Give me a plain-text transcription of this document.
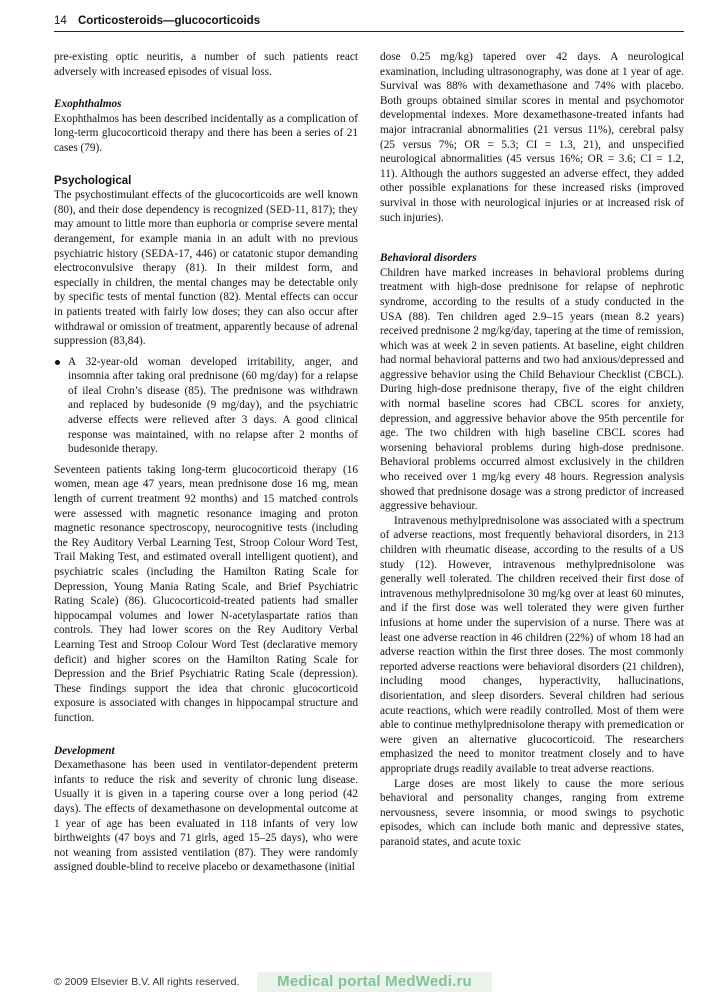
14 Corticosteroids—glucocorticoids

pre-existing optic neuritis, a number of such patients react adversely with increased episodes of visual loss.

Exophthalmos

Exophthalmos has been described incidentally as a complication of long-term glucocorticoid therapy and there has been a series of 21 cases (79).

Psychological

The psychostimulant effects of the glucocorticoids are well known (80), and their dose dependency is recognized (SED-11, 817); they may amount to little more than euphoria or comprise severe mental derangement, for example mania in an adult with no previous psychiatric history (SEDA-17, 446) or catatonic stupor demanding electroconvulsive therapy (81). In their mildest form, and especially in children, the mental changes may be detectable only by specific tests of mental function (82). Mental effects can occur in patients treated with fairly low doses; they can also occur after withdrawal or omission of treatment, apparently because of adrenal suppression (83,84).

A 32-year-old woman developed irritability, anger, and insomnia after taking oral prednisone (60 mg/day) for a relapse of ileal Crohn’s disease (85). The prednisone was withdrawn and replaced by budesonide (9 mg/day), and the psychiatric adverse effects were relieved after 3 days. A good clinical response was maintained, with no relapse after 2 months of budesonide therapy.

Seventeen patients taking long-term glucocorticoid therapy (16 women, mean age 47 years, mean prednisone dose 16 mg, mean length of current treatment 92 months) and 15 matched controls were assessed with magnetic resonance imaging and proton magnetic resonance spectroscopy, neurocognitive tests (including the Rey Auditory Verbal Learning Test, Stroop Colour Word Test, Trail Making Test, and estimated overall intelligent quotient), and psychiatric scales (including the Hamilton Rating Scale for Depression, Young Mania Rating Scale, and Brief Psychiatric Rating Scale) (86). Glucocorticoid-treated patients had smaller hippocampal volumes and lower N-acetylaspartate ratios than controls. They had lower scores on the Rey Auditory Verbal Learning Test and Stroop Colour Word Test (declarative memory deficit) and higher scores on the Hamilton Rating Scale for Depression and the Brief Psychiatric Rating Scale (depression). These findings support the idea that chronic glucocorticoid exposure is associated with changes in hippocampal structure and function.

Development

Dexamethasone has been used in ventilator-dependent preterm infants to reduce the risk and severity of chronic lung disease. Usually it is given in a tapering course over a long period (42 days). The effects of dexamethasone on developmental outcome at 1 year of age has been evaluated in 118 infants of very low birthweights (47 boys and 71 girls, aged 15–25 days), who were not weaning from assisted ventilation (87). They were randomly assigned double-blind to receive placebo or dexamethasone (initial

dose 0.25 mg/kg) tapered over 42 days. A neurological examination, including ultrasonography, was done at 1 year of age. Survival was 88% with dexamethasone and 74% with placebo. Both groups obtained similar scores in mental and psychomotor developmental indexes. More dexamethasone-treated infants had major intracranial abnormalities (21 versus 11%), cerebral palsy (25 versus 7%; OR = 5.3; CI = 1.3, 21), and unspecified neurological abnormalities (45 versus 16%; OR = 3.6; CI = 1.2, 11). Although the authors suggested an adverse effect, they added other possible explanations for these increased risks (improved survival in those with neurological injuries or at increased risk of such injuries).

Behavioral disorders

Children have marked increases in behavioral problems during treatment with high-dose prednisone for relapse of nephrotic syndrome, according to the results of a study conducted in the USA (88). Ten children aged 2.9–15 years (mean 8.2 years) received prednisone 2 mg/kg/day, tapering at the time of remission, which was at week 2 in seven patients. At baseline, eight children had normal behavioral patterns and two had anxious/depressed and aggressive behavior using the Child Behaviour Checklist (CBCL). During high-dose prednisone therapy, five of the eight children with normal baseline scores had CBCL scores for anxiety, depression, and aggressive behavior above the 95th percentile for age. The two children with high baseline CBCL scores had worsening behavioral problems during high-dose prednisone. Behavioral problems occurred almost exclusively in the children who received over 1 mg/kg every 48 hours. Regression analysis showed that prednisone dosage was a strong predictor of increased aggressive behaviour.

Intravenous methylprednisolone was associated with a spectrum of adverse reactions, most frequently behavioral disorders, in 213 children with rheumatic disease, according to the results of a US study (12). However, intravenous methylprednisolone was generally well tolerated. The children received their first dose of intravenous methylprednisolone 30 mg/kg over at least 60 minutes, and if the first dose was well tolerated they were given further infusions at home under the supervision of a nurse. There was at least one adverse reaction in 46 children (22%) of whom 18 had an adverse reaction within the first three doses. The most commonly reported adverse reactions were behavioral disorders (21 children), including mood changes, hyperactivity, hallucinations, disorientation, and sleep disorders. Several children had serious acute reactions, which were readily controlled. Most of them were able to continue methylprednisolone therapy with premedication or were given an alternative glucocorticoid. The researchers emphasized the need to monitor treatment closely and to have appropriate drugs readily available to treat adverse reactions.

Large doses are most likely to cause the more serious behavioral and personality changes, ranging from extreme nervousness, severe insomnia, or mood swings to psychotic episodes, which can include both manic and depressive states, paranoid states, and acute toxic

© 2009 Elsevier B.V. All rights reserved.	Medical portal MedWedi.ru
